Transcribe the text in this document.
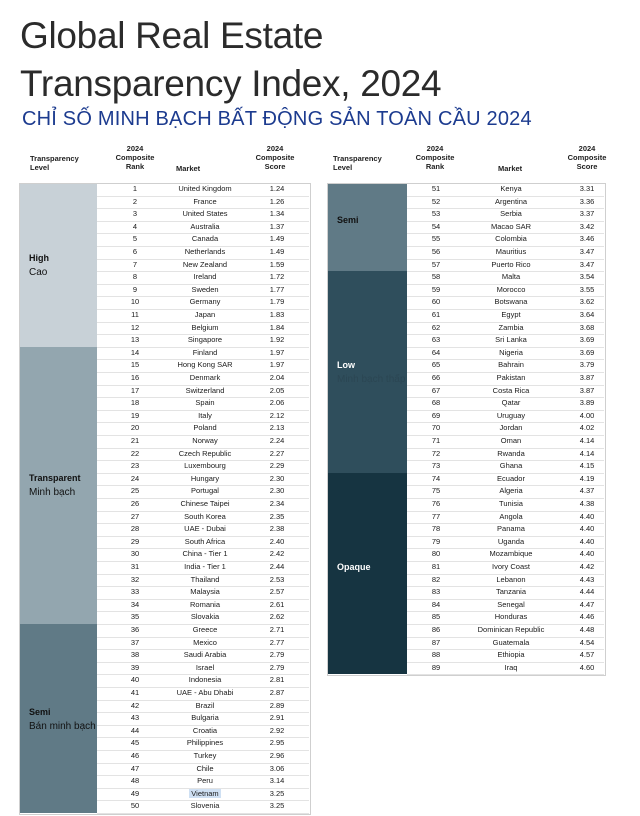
Global Real Estate
Transparency Index, 2024
CHỈ SỐ MINH BẠCH BẤT ĐỘNG SẢN TOÀN CẦU 2024
Transparency
Level
2024
Composite
Rank	Market
2024
Composite
Score
Transparency
Level
2024
Composite
Rank	Market
2024
Composite
Score
High
Cao
1	United Kingdom	1.24
2	France	1.26
3	United States	1.34
4	Australia	1.37
5	Canada	1.49
6	Netherlands	1.49
7	New Zealand	1.59
8	Ireland	1.72
9	Sweden	1.77
10	Germany	1.79
11	Japan	1.83
12	Belgium	1.84
13	Singapore	1.92
Transparent
Minh bạch
14	Finland	1.97
15	Hong Kong SAR	1.97
16	Denmark	2.04
17	Switzerland	2.05
18	Spain	2.06
19	Italy	2.12
20	Poland	2.13
21	Norway	2.24
22	Czech Republic	2.27
23	Luxembourg	2.29
24	Hungary	2.30
25	Portugal	2.30
26	Chinese Taipei	2.34
27	South Korea	2.35
28	UAE - Dubai	2.38
29	South Africa	2.40
30	China - Tier 1	2.42
31	India - Tier 1	2.44
32	Thailand	2.53
33	Malaysia	2.57
34	Romania	2.61
35	Slovakia	2.62
Semi
Bán minh bạch
36	Greece	2.71
37	Mexico	2.77
38	Saudi Arabia	2.79
39	Israel	2.79
40	Indonesia	2.81
41	UAE - Abu Dhabi	2.87
42	Brazil	2.89
43	Bulgaria	2.91
44	Croatia	2.92
45	Philippines	2.95
46	Turkey	2.96
47	Chile	3.06
48	Peru	3.14
49	Vietnam	3.25
50	Slovenia	3.25
Semi
51	Kenya	3.31
52	Argentina	3.36
53	Serbia	3.37
54	Macao SAR	3.42
55	Colombia	3.46
56	Mauritius	3.47
57	Puerto Rico	3.47
Low
Minh bạch thấp
58	Malta	3.54
59	Morocco	3.55
60	Botswana	3.62
61	Egypt	3.64
62	Zambia	3.68
63	Sri Lanka	3.69
64	Nigeria	3.69
65	Bahrain	3.79
66	Pakistan	3.87
67	Costa Rica	3.87
68	Qatar	3.89
69	Uruguay	4.00
70	Jordan	4.02
71	Oman	4.14
72	Rwanda	4.14
73	Ghana	4.15
Opaque
74	Ecuador	4.19
75	Algeria	4.37
76	Tunisia	4.38
77	Angola	4.40
78	Panama	4.40
79	Uganda	4.40
80	Mozambique	4.40
81	Ivory Coast	4.42
82	Lebanon	4.43
83	Tanzania	4.44
84	Senegal	4.47
85	Honduras	4.46
86	Dominican Republic	4.48
87	Guatemala	4.54
88	Ethiopia	4.57
89	Iraq	4.60
